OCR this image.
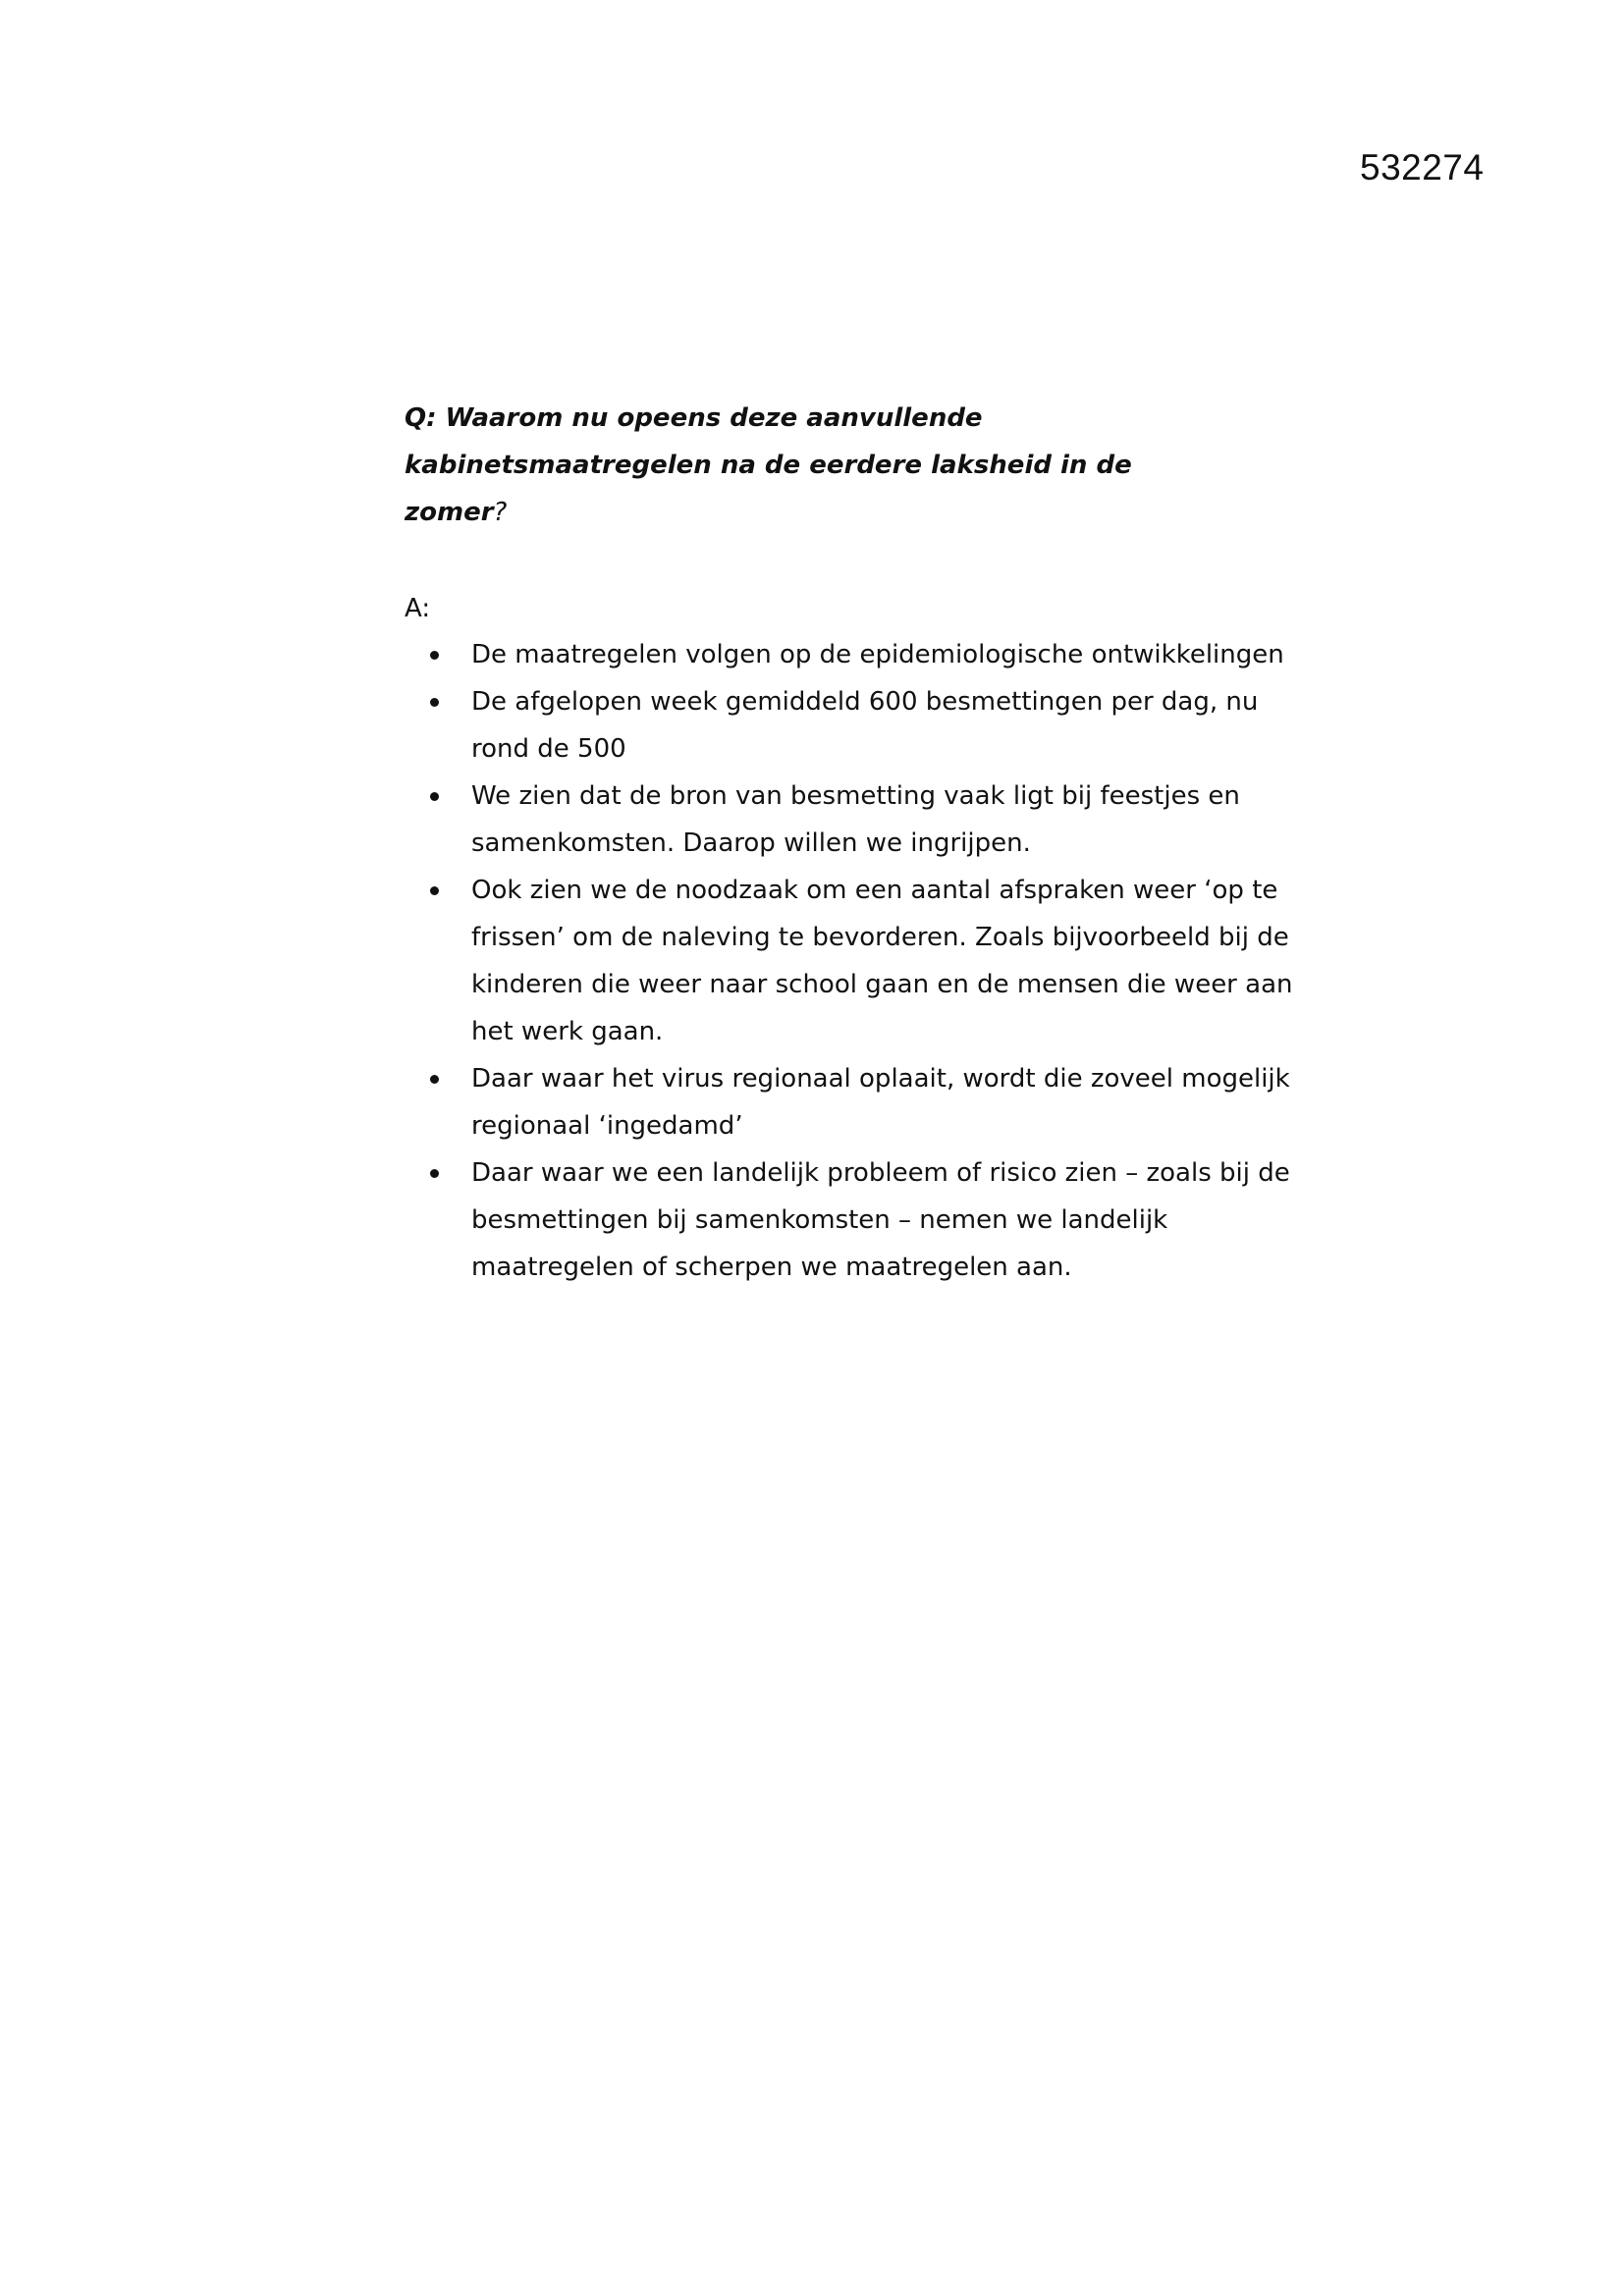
532274

Q: Waarom nu opeens deze aanvullende kabinetsmaatregelen na de eerdere laksheid in de zomer?

A:

De maatregelen volgen op de epidemiologische ontwikkelingen
De afgelopen week gemiddeld 600 besmettingen per dag, nu rond de 500
We zien dat de bron van besmetting vaak ligt bij feestjes en samenkomsten. Daarop willen we ingrijpen.
Ook zien we de noodzaak om een aantal afspraken weer ‘op te frissen’ om de naleving te bevorderen. Zoals bijvoorbeeld bij de kinderen die weer naar school gaan en de mensen die weer aan het werk gaan.
Daar waar het virus regionaal oplaait, wordt die zoveel mogelijk regionaal ‘ingedamd’
Daar waar we een landelijk probleem of risico zien – zoals bij de besmettingen bij samenkomsten – nemen we landelijk maatregelen of scherpen we maatregelen aan.
